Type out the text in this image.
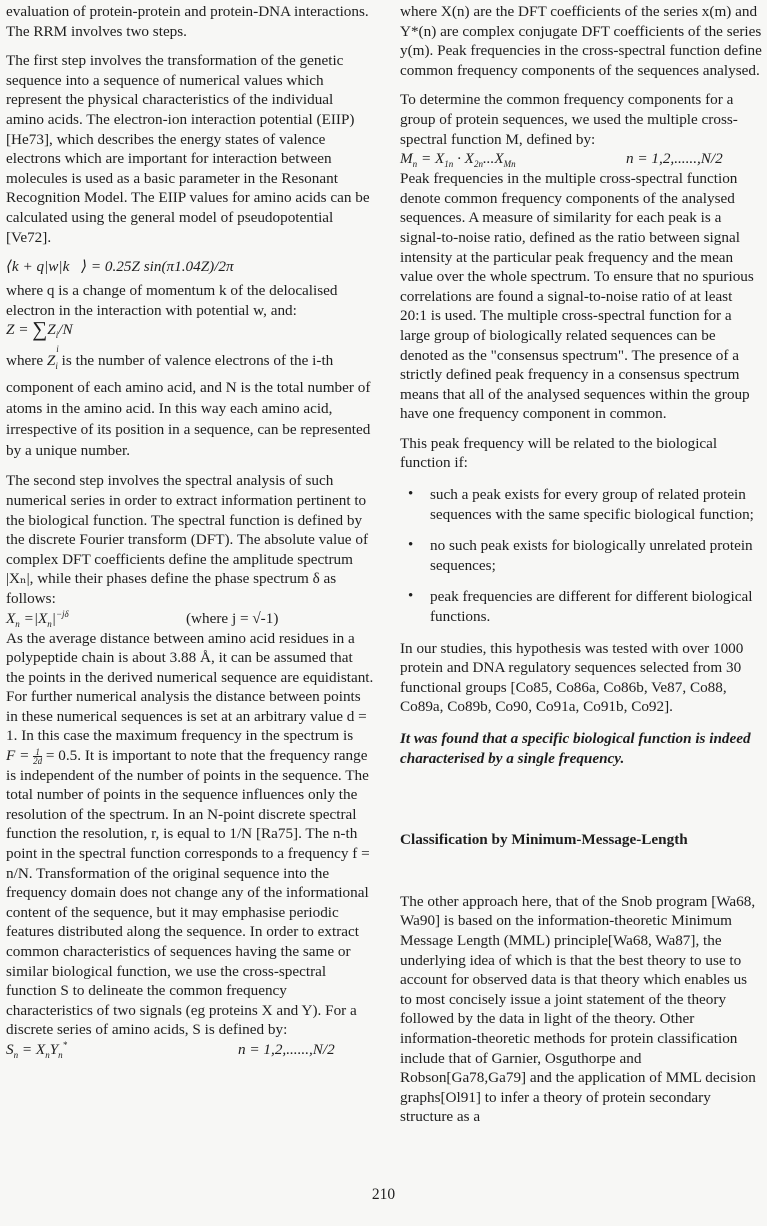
evaluation of protein-protein and protein-DNA interactions. The RRM involves two steps.

The first step involves the transformation of the genetic sequence into a sequence of numerical values which represent the physical characteristics of the individual amino acids. The electron-ion interaction potential (EIIP) [He73], which describes the energy states of valence electrons which are important for interaction between molecules is used as a basic parameter in the Resonant Recognition Model. The EIIP values for amino acids can be calculated using the general model of pseudopotential [Ve72].

⟨k + q|w|k⃗⟩ = 0.25Z sin(π1.04Z)/2π

where q is a change of momentum k of the delocalised electron in the interaction with potential w, and:

Z = ∑
i
$Z_i/N$

where $Z_i$ is the number of valence electrons of the i-th component of each amino acid, and N is the total number of atoms in the amino acid. In this way each amino acid, irrespective of its position in a sequence, can be represented by a unique number.

The second step involves the spectral analysis of such numerical series in order to extract information pertinent to the biological function. The spectral function is defined by the discrete Fourier transform (DFT). The absolute value of complex DFT coefficients define the amplitude spectrum |Xₙ|, while their phases define the phase spectrum δ as follows:

$X_n =|X_n|^{-j\delta}$	(where j = √-1)

As the average distance between amino acid residues in a polypeptide chain is about 3.88 Å, it can be assumed that the points in the derived numerical sequence are equidistant. For further numerical analysis the distance between points in these numerical sequences is set at an arbitrary value d = 1. In this case the maximum frequency in the spectrum is $F = \frac{1}{2d} = 0.5$. It is important to note that the frequency range is independent of the number of points in the sequence. The total number of points in the sequence influences only the resolution of the spectrum. In an N-point discrete spectral function the resolution, r, is equal to 1/N [Ra75]. The n-th point in the spectral function corresponds to a frequency f = n/N. Transformation of the original sequence into the frequency domain does not change any of the informational content of the sequence, but it may emphasise periodic features distributed along the sequence. In order to extract common characteristics of sequences having the same or similar biological function, we use the cross-spectral function S to delineate the common frequency characteristics of two signals (eg proteins X and Y). For a discrete series of amino acids, S is defined by:

$S_n = X_nY_n^*$	n = 1,2,......,N/2

where X(n) are the DFT coefficients of the series x(m) and Y*(n) are complex conjugate DFT coefficients of the series y(m). Peak frequencies in the cross-spectral function define common frequency components of the sequences analysed.

To determine the common frequency components for a group of protein sequences, we used the multiple cross-spectral function M, defined by:

$M_n = X_{1n} \cdot X_{2n}...X_{Mn}$	n = 1,2,......,N/2

Peak frequencies in the multiple cross-spectral function denote common frequency components of the analysed sequences. A measure of similarity for each peak is a signal-to-noise ratio, defined as the ratio between signal intensity at the particular peak frequency and the mean value over the whole spectrum. To ensure that no spurious correlations are found a signal-to-noise ratio of at least 20:1 is used. The multiple cross-spectral function for a large group of biologically related sequences can be denoted as the "consensus spectrum". The presence of a strictly defined peak frequency in a consensus spectrum means that all of the analysed sequences within the group have one frequency component in common.

This peak frequency will be related to the biological function if:

• such a peak exists for every group of related protein sequences with the same specific biological function;
• no such peak exists for biologically unrelated protein sequences;
• peak frequencies are different for different biological functions.

In our studies, this hypothesis was tested with over 1000 protein and DNA regulatory sequences selected from 30 functional groups [Co85, Co86a, Co86b, Ve87, Co88, Co89a, Co89b, Co90, Co91a, Co91b, Co92].

It was found that a specific biological function is indeed characterised by a single frequency.

Classification by Minimum-Message-Length

The other approach here, that of the Snob program [Wa68, Wa90] is based on the information-theoretic Minimum Message Length (MML) principle[Wa68, Wa87], the underlying idea of which is that the best theory to use to account for observed data is that theory which enables us to most concisely issue a joint statement of the theory followed by the data in light of the theory. Other information-theoretic methods for protein classification include that of Garnier, Osguthorpe and Robson[Ga78,Ga79] and the application of MML decision graphs[Ol91] to infer a theory of protein secondary structure as a

210
